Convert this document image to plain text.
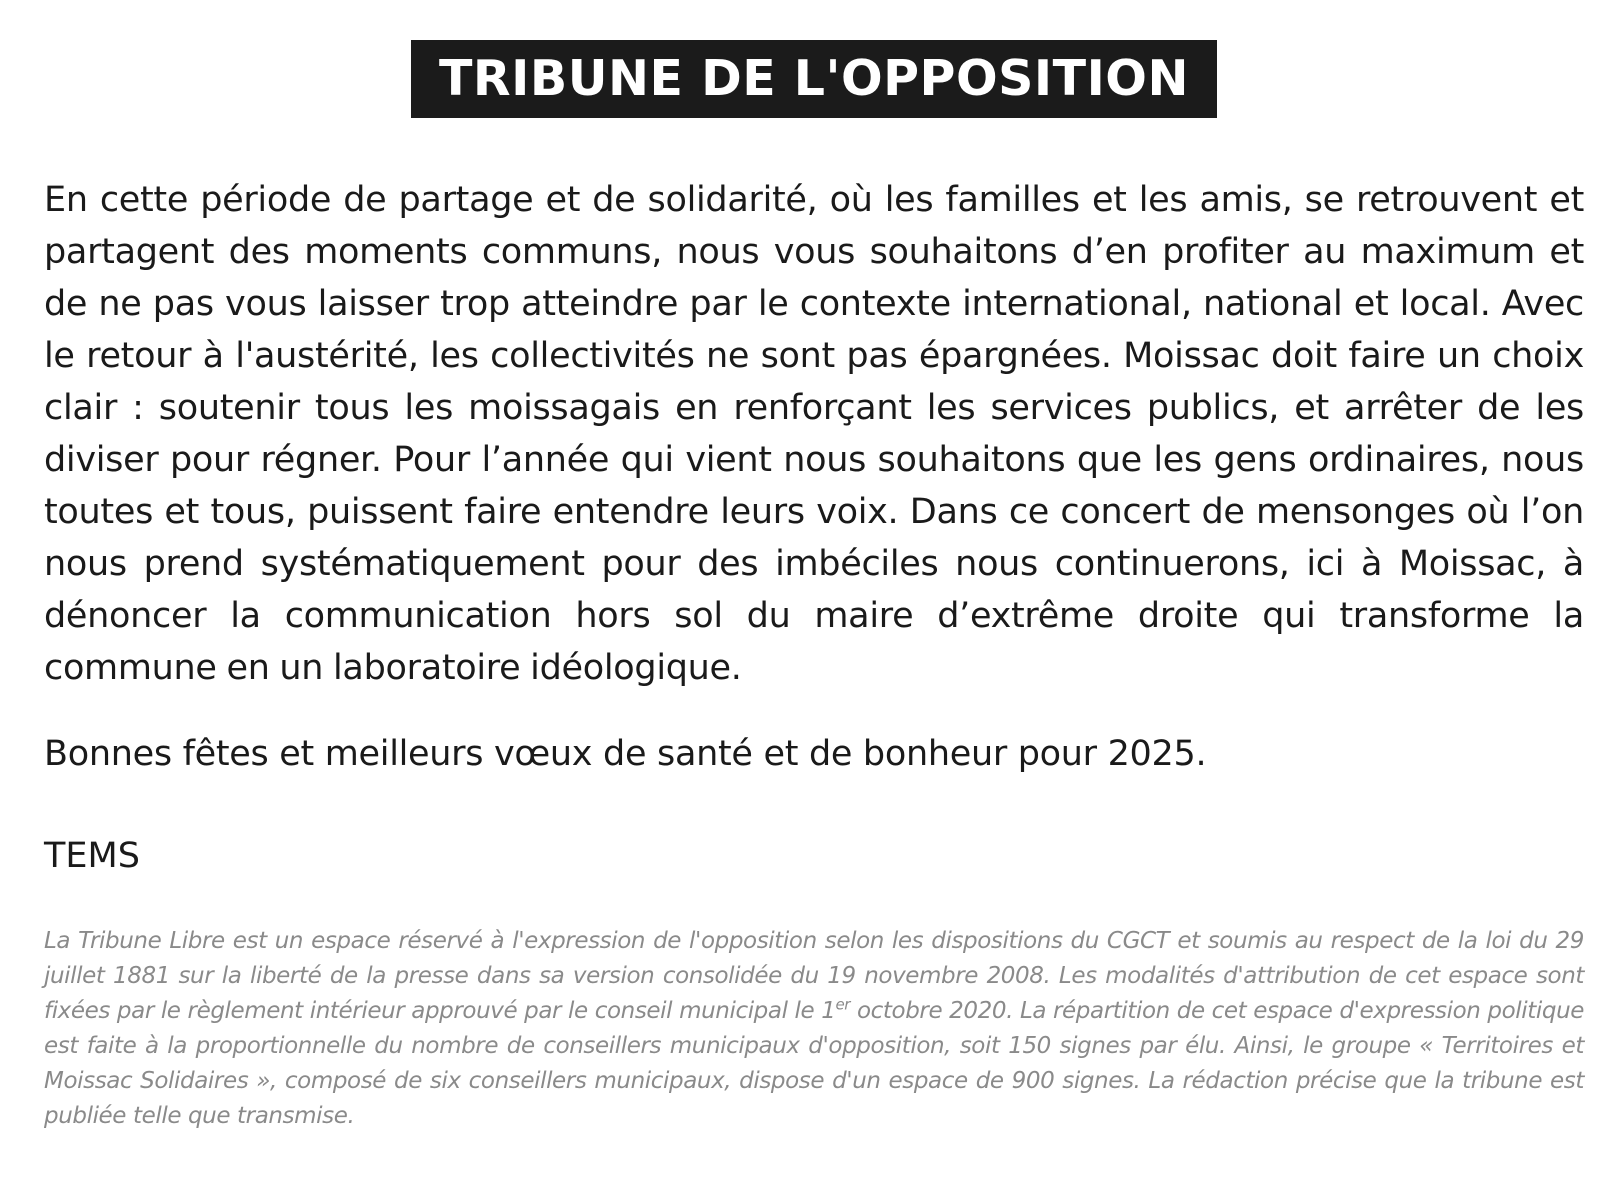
TRIBUNE DE L'OPPOSITION

En cette période de partage et de solidarité, où les familles et les amis, se retrouvent et partagent des moments communs, nous vous souhaitons d’en profiter au maximum et de ne pas vous laisser trop atteindre par le contexte international, national et local. Avec le retour à l'austérité, les collectivités ne sont pas épargnées. Moissac doit faire un choix clair : soutenir tous les moissagais en renforçant les services publics, et arrêter de les diviser pour régner. Pour l’année qui vient nous souhaitons que les gens ordinaires, nous toutes et tous, puissent faire entendre leurs voix. Dans ce concert de mensonges où l’on nous prend systématiquement pour des imbéciles nous continuerons, ici à Moissac, à dénoncer la communication hors sol du maire d’extrême droite qui transforme la commune en un laboratoire idéologique.

Bonnes fêtes et meilleurs vœux de santé et de bonheur pour 2025.

TEMS

La Tribune Libre est un espace réservé à l'expression de l'opposition selon les dispositions du CGCT et soumis au respect de la loi du 29 juillet 1881 sur la liberté de la presse dans sa version consolidée du 19 novembre 2008. Les modalités d'attribution de cet espace sont fixées par le règlement intérieur approuvé par le conseil municipal le 1er octobre 2020. La répartition de cet espace d'expression politique est faite à la proportionnelle du nombre de conseillers municipaux d'opposition, soit 150 signes par élu. Ainsi, le groupe « Territoires et Moissac Solidaires », composé de six conseillers municipaux, dispose d'un espace de 900 signes. La rédaction précise que la tribune est publiée telle que transmise.
